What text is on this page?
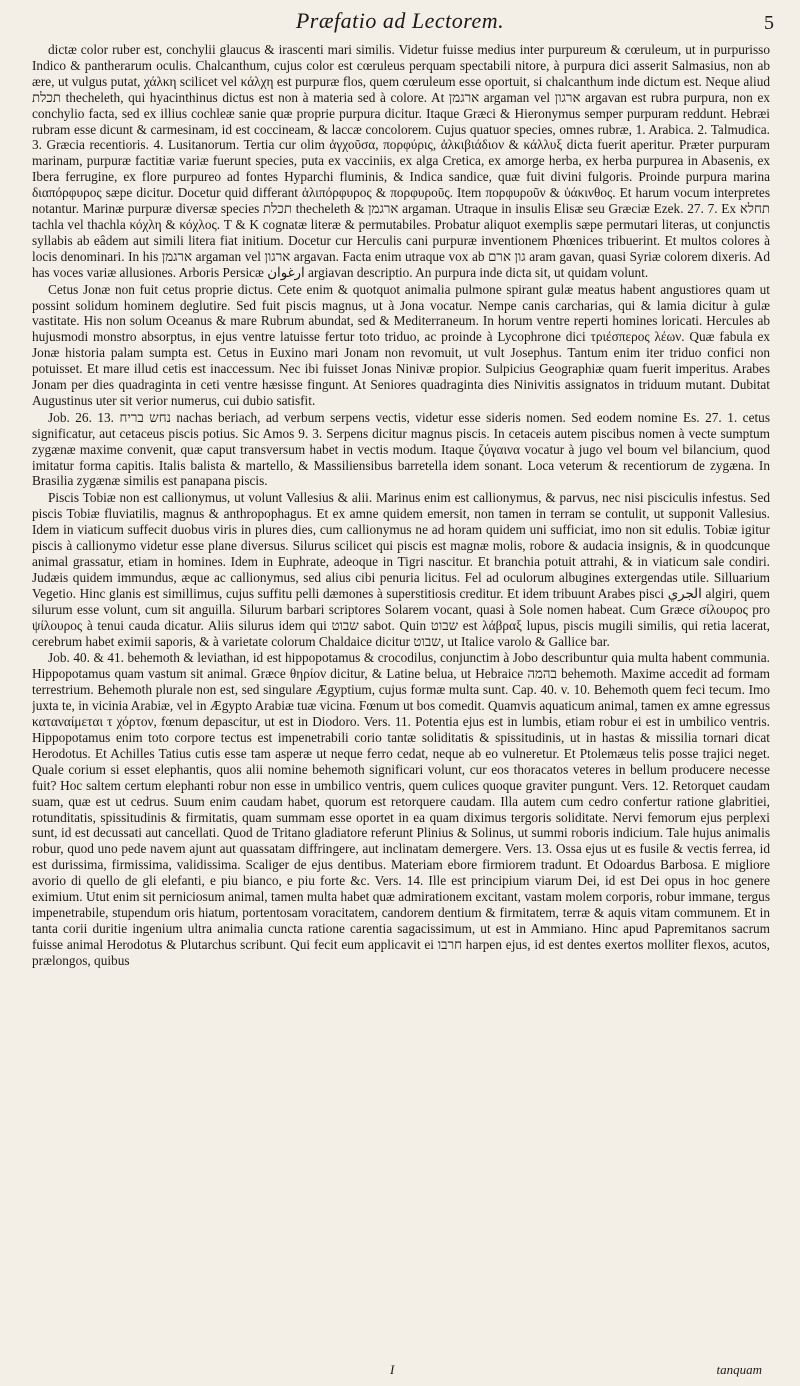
Præfatio ad Lectorem.	5

dictæ color ruber est, conchylii glaucus & irascenti mari similis. Videtur fuisse medius inter purpureum & cœruleum, ut in purpurisso Indico & pantherarum oculis. Chalcanthum, cujus color est cœruleus perquam spectabili nitore, à purpura dici asserit Salmasius, non ab ære, ut vulgus putat, χάλκη scilicet vel κάλχη est purpuræ flos, quem cœruleum esse oportuit, si chalcanthum inde dictum est. Neque aliud תכלת thecheleth, qui hyacinthinus dictus est non à materia sed à colore. At ארגמן argaman vel ארגון argavan est rubra purpura, non ex conchylio facta, sed ex illius cochleæ sanie quæ proprie purpura dicitur. Itaque Græci & Hieronymus semper purpuram reddunt. Hebræi rubram esse dicunt & carmesinam, id est coccineam, & laccæ concolorem. Cujus quatuor species, omnes rubræ, 1. Arabica. 2. Talmudica. 3. Græcia recentioris. 4. Lusitanorum. Tertia cur olim ἀγχοῦσα, πορφύρις, ἀλκιβιάδιον & κάλλυξ dicta fuerit aperitur. Præter purpuram marinam, purpuræ factitiæ variæ fuerunt species, puta ex vacciniis, ex alga Cretica, ex amorge herba, ex herba purpurea in Abasenis, ex Ibera ferrugine, ex flore purpureo ad fontes Hyparchi fluminis, & Indica sandice, quæ fuit divini fulgoris. Proinde purpura marina διαπόρφυρος sæpe dicitur. Docetur quid differant ἁλιπόρφυρος & πορφυροῦς. Item πορφυροῦν & ὑάκινθος. Et harum vocum interpretes notantur. Marinæ purpuræ diversæ species תכלת thecheleth & ארגמן argaman. Utraque in insulis Elisæ seu Græciæ Ezek. 27. 7. Ex תחלא tachla vel thachla κόχλη & κόχλος. T & K cognatæ literæ & permutabiles. Probatur aliquot exemplis sæpe permutari literas, ut conjunctis syllabis ab eâdem aut simili litera fiat initium. Docetur cur Herculis cani purpuræ inventionem Phœnices tribuerint. Et multos colores à locis denominari. In his ארגמן argaman vel ארגון argavan. Facta enim utraque vox ab גון ארם aram gavan, quasi Syriæ colorem dixeris. Ad has voces variæ allusiones. Arboris Persicæ ارغوان argiavan descriptio. An purpura inde dicta sit, ut quidam volunt.

Cetus Jonæ non fuit cetus proprie dictus. Cete enim & quotquot animalia pulmone spirant gulæ meatus habent angustiores quam ut possint solidum hominem deglutire. Sed fuit piscis magnus, ut à Jona vocatur. Nempe canis carcharias, qui & lamia dicitur à gulæ vastitate. His non solum Oceanus & mare Rubrum abundat, sed & Mediterraneum. In horum ventre reperti homines loricati. Hercules ab hujusmodi monstro absorptus, in ejus ventre latuisse fertur toto triduo, ac proinde à Lycophrone dici τριέσπερος λέων. Quæ fabula ex Jonæ historia palam sumpta est. Cetus in Euxino mari Jonam non revomuit, ut vult Josephus. Tantum enim iter triduo confici non potuisset. Et mare illud cetis est inaccessum. Nec ibi fuisset Jonas Ninivæ propior. Sulpicius Geographiæ quam fuerit imperitus. Arabes Jonam per dies quadraginta in ceti ventre hæsisse fingunt. At Seniores quadraginta dies Ninivitis assignatos in triduum mutant. Dubitat Augustinus uter sit verior numerus, cui dubio satisfit.

Job. 26. 13. נחש בריח nachas beriach, ad verbum serpens vectis, videtur esse sideris nomen. Sed eodem nomine Es. 27. 1. cetus significatur, aut cetaceus piscis potius. Sic Amos 9. 3. Serpens dicitur magnus piscis. In cetaceis autem piscibus nomen à vecte sumptum zygænæ maxime convenit, quæ caput transversum habet in vectis modum. Itaque ζύγαινα vocatur à jugo vel boum vel bilancium, quod imitatur forma capitis. Italis balista & martello, & Massiliensibus barretella idem sonant. Loca veterum & recentiorum de zygæna. In Brasilia zygænæ similis est panapana piscis.

Piscis Tobiæ non est callionymus, ut volunt Vallesius & alii. Marinus enim est callionymus, & parvus, nec nisi pisciculis infestus. Sed piscis Tobiæ fluviatilis, magnus & anthropophagus. Et ex amne quidem emersit, non tamen in terram se contulit, ut supponit Vallesius. Idem in viaticum suffecit duobus viris in plures dies, cum callionymus ne ad horam quidem uni sufficiat, imo non sit edulis. Tobiæ igitur piscis à callionymo videtur esse plane diversus. Silurus scilicet qui piscis est magnæ molis, robore & audacia insignis, & in quodcunque animal grassatur, etiam in homines. Idem in Euphrate, adeoque in Tigri nascitur. Et branchia potuit attrahi, & in viaticum sale condiri. Judæis quidem immundus, æque ac callionymus, sed alius cibi penuria licitus. Fel ad oculorum albugines extergendas utile. Silluarium Vegetio. Hinc glanis est simillimus, cujus suffitu pelli dæmones à superstitiosis creditur. Et idem tribuunt Arabes pisci الجري algiri, quem silurum esse volunt, cum sit anguilla. Silurum barbari scriptores Solarem vocant, quasi à Sole nomen habeat. Cum Græce σίλουρος pro ψίλουρος à tenui cauda dicatur. Aliis silurus idem qui שבוט sabot. Quin שבוט est λάβραξ lupus, piscis mugili similis, qui retia lacerat, cerebrum habet eximii saporis, & à varietate colorum Chaldaice dicitur שבוט, ut Italice varolo & Gallice bar.

Job. 40. & 41. behemoth & leviathan, id est hippopotamus & crocodilus, conjunctim à Jobo describuntur quia multa habent communia. Hippopotamus quam vastum sit animal. Græce θηρίον dicitur, & Latine belua, ut Hebraice בהמה behemoth. Maxime accedit ad formam terrestrium. Behemoth plurale non est, sed singulare Ægyptium, cujus formæ multa sunt. Cap. 40. v. 10. Behemoth quem feci tecum. Imo juxta te, in vicinia Arabiæ, vel in Ægypto Arabiæ tuæ vicina. Fœnum ut bos comedit. Quamvis aquaticum animal, tamen ex amne egressus καταναίμεται τ χόρτον, fœnum depascitur, ut est in Diodoro. Vers. 11. Potentia ejus est in lumbis, etiam robur ei est in umbilico ventris. Hippopotamus enim toto corpore tectus est impenetrabili corio tantæ soliditatis & spissitudinis, ut in hastas & missilia tornari dicat Herodotus. Et Achilles Tatius cutis esse tam asperæ ut neque ferro cedat, neque ab eo vulneretur. Et Ptolemæus telis posse trajici neget. Quale corium si esset elephantis, quos alii nomine behemoth significari volunt, cur eos thoracatos veteres in bellum producere necesse fuit? Hoc saltem certum elephanti robur non esse in umbilico ventris, quem culices quoque graviter pungunt. Vers. 12. Retorquet caudam suam, quæ est ut cedrus. Suum enim caudam habet, quorum est retorquere caudam. Illa autem cum cedro confertur ratione glabritiei, rotunditatis, spissitudinis & firmitatis, quam summam esse oportet in ea quam diximus tergoris soliditate. Nervi femorum ejus perplexi sunt, id est decussati aut cancellati. Quod de Tritano gladiatore referunt Plinius & Solinus, ut summi roboris indicium. Tale hujus animalis robur, quod uno pede navem ajunt aut quassatam diffringere, aut inclinatam demergere. Vers. 13. Ossa ejus ut es fusile & vectis ferrea, id est durissima, firmissima, validissima. Scaliger de ejus dentibus. Materiam ebore firmiorem tradunt. Et Odoardus Barbosa. E migliore avorio di quello de gli elefanti, e piu bianco, e piu forte &c. Vers. 14. Ille est principium viarum Dei, id est Dei opus in hoc genere eximium. Utut enim sit perniciosum animal, tamen multa habet quæ admirationem excitant, vastam molem corporis, robur immane, tergus impenetrabile, stupendum oris hiatum, portentosam voracitatem, candorem dentium & firmitatem, terræ & aquis vitam communem. Et in tanta corii duritie ingenium ultra animalia cuncta ratione carentia sagacissimum, ut est in Ammiano. Hinc apud Papremitanos sacrum fuisse animal Herodotus & Plutarchus scribunt. Qui fecit eum applicavit ei חרבו harpen ejus, id est dentes exertos molliter flexos, acutos, prælongos, quibus

I	tanquam
